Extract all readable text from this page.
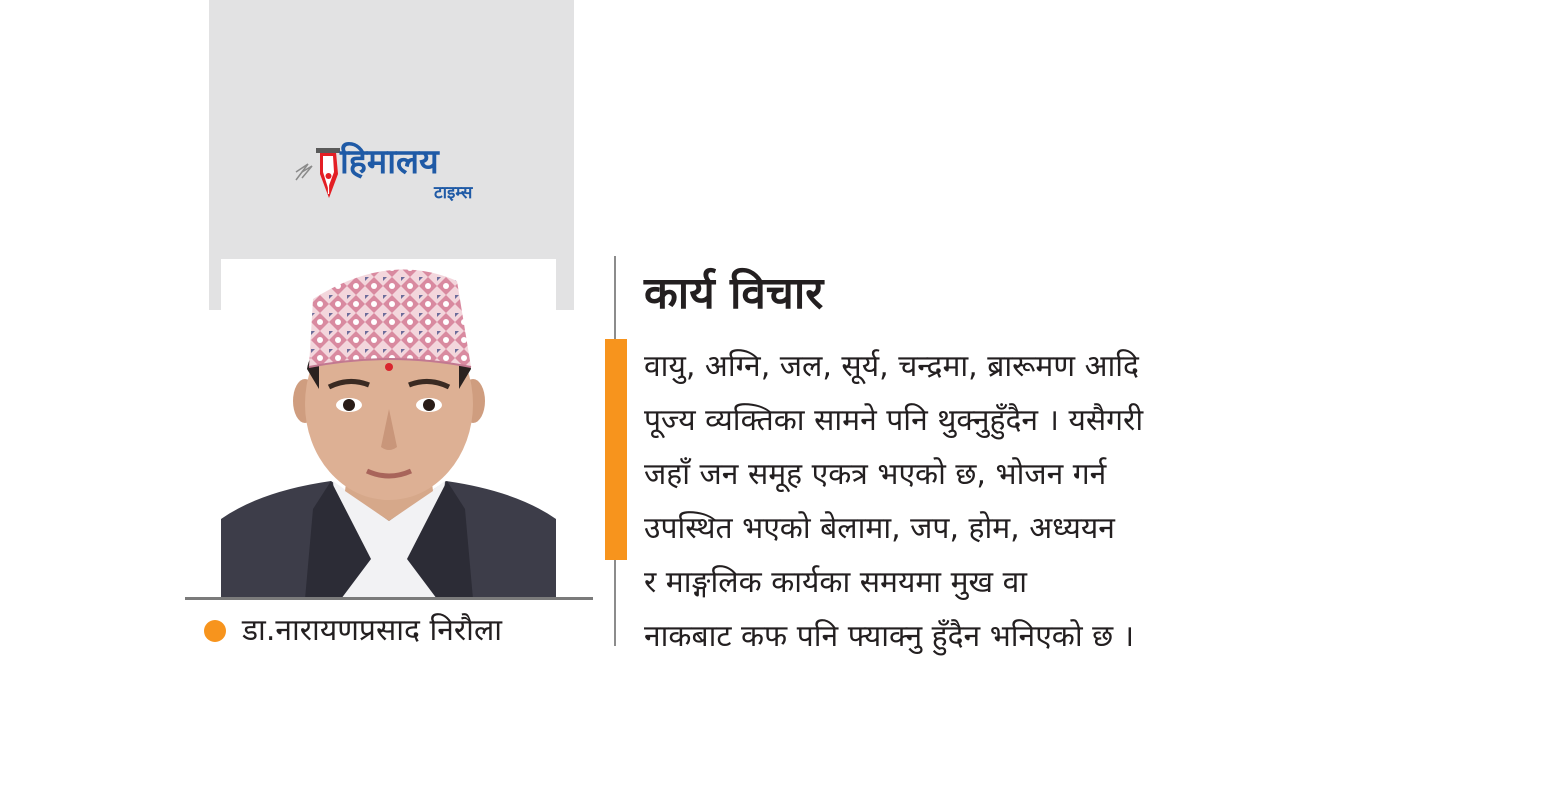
हिमालय
टाइम्स
डा.नारायणप्रसाद निरौला
कार्य विचार
वायु, अग्नि, जल, सूर्य, चन्द्रमा, ब्रारूमण आदि
पूज्य व्यक्तिका सामने पनि थुक्नुहुँदैन । यसैगरी
जहाँ जन समूह एकत्र भएको छ, भोजन गर्न
उपस्थित भएको बेलामा, जप, होम, अध्ययन
र माङ्गलिक कार्यका समयमा मुख वा
नाकबाट कफ पनि फ्याक्नु हुँदैन भनिएको छ ।
